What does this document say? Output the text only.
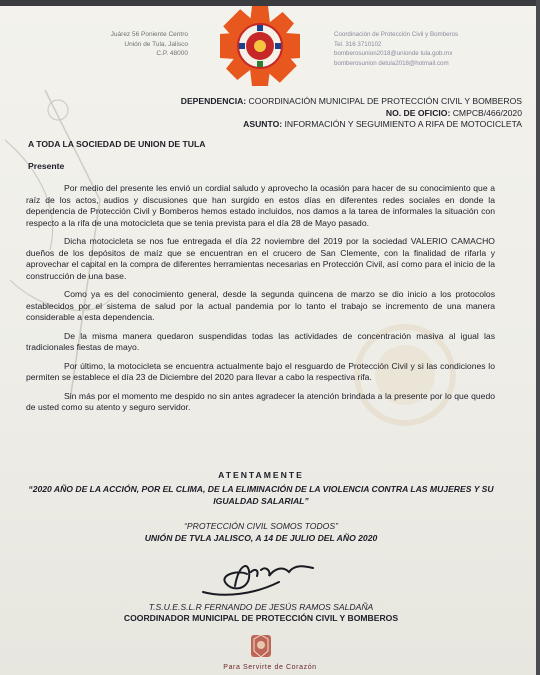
Juárez 56 Poniente Centro
Unión de Tula, Jalisco
C.P. 48000
Coordinación de Protección Civil y Bomberos
Tel. 316 3710102
bomberosunion2018@unionde tula.gob.mx
bomberosunion detula2018@hotmail.com
DEPENDENCIA: COORDINACIÓN MUNICIPAL DE PROTECCIÓN CIVIL Y BOMBEROS
NO. DE OFICIO: CMPCB/466/2020
ASUNTO: INFORMACIÓN Y SEGUIMIENTO A RIFA DE MOTOCICLETA
A TODA LA SOCIEDAD DE UNION DE TULA
Presente

Por medio del presente les envió un cordial saludo y aprovecho la ocasión para hacer de su conocimiento que a raíz de los actos, audios y discusiones que han surgido en estos días en diferentes redes sociales en donde la dependencia de Protección Civil y Bomberos hemos estado incluidos, nos damos a la tarea de informales la situación con respecto a la rifa de una motocicleta que se tenia prevista para el día 28 de Mayo pasado.

Dicha motocicleta se nos fue entregada el día 22 noviembre del 2019 por la sociedad VALERIO CAMACHO dueños de los depósitos de maíz que se encuentran en el crucero de San Clemente, con la finalidad de rifarla y aprovechar el capital en la compra de diferentes herramientas necesarias en Protección Civil, así como para el inicio de la construcción de una base.

Como ya es del conocimiento general, desde la segunda quincena de marzo se dio inicio a los protocolos establecidos por el sistema de salud por la actual pandemia por lo tanto el trabajo se incremento de una manera considerable a esta dependencia.

De la misma manera quedaron suspendidas todas las actividades de concentración masiva al igual las tradicionales fiestas de mayo.

Por último, la motocicleta se encuentra actualmente bajo el resguardo de Protección Civil y si las condiciones lo permiten se establece el día 23 de Diciembre del 2020 para llevar a cabo la respectiva rifa.

Sin más por el momento me despido no sin antes agradecer la atención brindada a la presente por lo que quedo de usted como su atento y seguro servidor.

ATENTAMENTE
“2020 AÑO DE LA ACCIÓN, POR EL CLIMA, DE LA ELIMINACIÓN DE LA VIOLENCIA CONTRA LAS MUJERES Y SU IGUALDAD SALARIAL”
“PROTECCIÓN CIVIL SOMOS TODOS”
UNIÓN DE TVLA JALISCO, A 14 DE JULIO DEL AÑO 2020
T.S.U.E.S.L.R FERNANDO DE JESÚS RAMOS SALDAÑA
COORDINADOR MUNICIPAL DE PROTECCIÓN CIVIL Y BOMBEROS
Para Servirte de Corazón
